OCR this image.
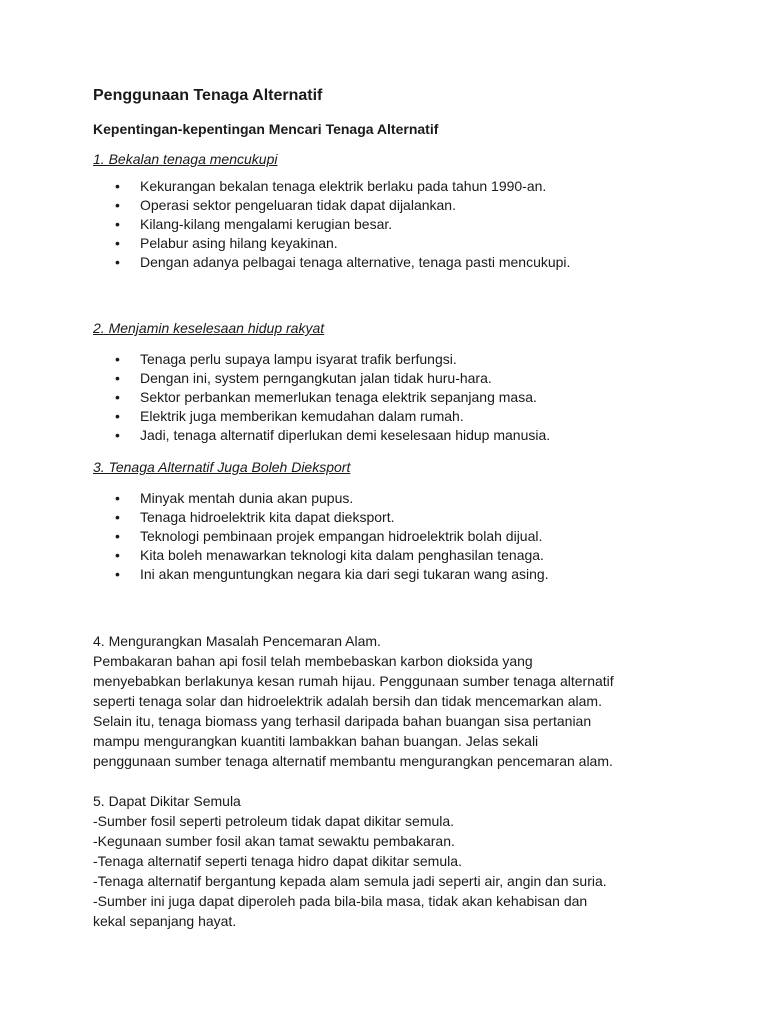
Penggunaan Tenaga Alternatif
Kepentingan-kepentingan Mencari Tenaga Alternatif

1. Bekalan tenaga mencukupi

• Kekurangan bekalan tenaga elektrik berlaku pada tahun 1990-an.
• Operasi sektor pengeluaran tidak dapat dijalankan.
• Kilang-kilang mengalami kerugian besar.
• Pelabur asing hilang keyakinan.
• Dengan adanya pelbagai tenaga alternative, tenaga pasti mencukupi.

2. Menjamin keselesaan hidup rakyat

• Tenaga perlu supaya lampu isyarat trafik berfungsi.
• Dengan ini, system perngangkutan jalan tidak huru-hara.
• Sektor perbankan memerlukan tenaga elektrik sepanjang masa.
• Elektrik juga memberikan kemudahan dalam rumah.
• Jadi, tenaga alternatif diperlukan demi keselesaan hidup manusia.

3. Tenaga Alternatif Juga Boleh Dieksport

• Minyak mentah dunia akan pupus.
• Tenaga hidroelektrik kita dapat dieksport.
• Teknologi pembinaan projek empangan hidroelektrik bolah dijual.
• Kita boleh menawarkan teknologi kita dalam penghasilan tenaga.
• Ini akan menguntungkan negara kia dari segi tukaran wang asing.
4. Mengurangkan Masalah Pencemaran Alam.
Pembakaran bahan api fosil telah membebaskan karbon dioksida yang
menyebabkan berlakunya kesan rumah hijau. Penggunaan sumber tenaga alternatif
seperti tenaga solar dan hidroelektrik adalah bersih dan tidak mencemarkan alam.
Selain itu, tenaga biomass yang terhasil daripada bahan buangan sisa pertanian
mampu mengurangkan kuantiti lambakkan bahan buangan. Jelas sekali
penggunaan sumber tenaga alternatif membantu mengurangkan pencemaran alam.
5. Dapat Dikitar Semula
-Sumber fosil seperti petroleum tidak dapat dikitar semula.
-Kegunaan sumber fosil akan tamat sewaktu pembakaran.
-Tenaga alternatif seperti tenaga hidro dapat dikitar semula.
-Tenaga alternatif bergantung kepada alam semula jadi seperti air, angin dan suria.
-Sumber ini juga dapat diperoleh pada bila-bila masa, tidak akan kehabisan dan
kekal sepanjang hayat.
